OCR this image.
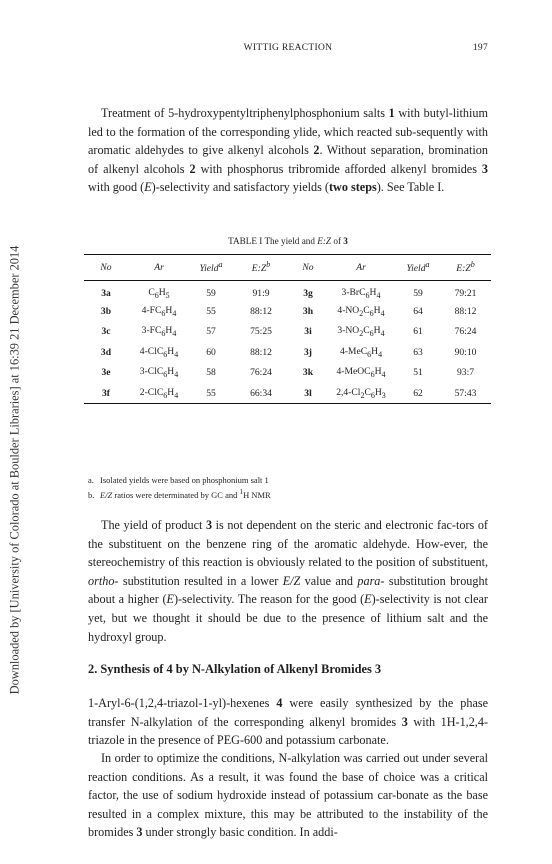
Downloaded by [University of Colorado at Boulder Libraries] at 16:39 21 December 2014
WITTIG REACTION	197

Treatment of 5-hydroxypentyltriphenylphosphonium salts 1 with butyl-lithium led to the formation of the corresponding ylide, which reacted sub-sequently with aromatic aldehydes to give alkenyl alcohols 2. Without separation, bromination of alkenyl alcohols 2 with phosphorus tribromide afforded alkenyl bromides 3 with good (E)-selectivity and satisfactory yields (two steps). See Table I.

TABLE I The yield and E:Z of 3
No	Ar	Yield$^a$	$E:Z^b$	No	Ar	Yield$^a$	$E:Z^b$
3a	$C_6H_5$	59	91:9	3g	$3-BrC_6H_4$	59	79:21
3b	$4-FC_6H_4$	55	88:12	3h	$4-NO_2C_6H_4$	64	88:12
3c	$3-FC_6H_4$	57	75:25	3i	$3-NO_2C_6H_4$	61	76:24
3d	$4-ClC_6H_4$	60	88:12	3j	$4-MeC_6H_4$	63	90:10
3e	$3-ClC_6H_4$	58	76:24	3k	$4-MeOC_6H_4$	51	93:7
3f	$2-ClC_6H_4$	55	66:34	3l	$2,4-Cl_2C_6H_3$	62	57:43
a. Isolated yields were based on phosphonium salt 1
b. E/Z ratios were determinated by GC and $^1$H NMR

The yield of product 3 is not dependent on the steric and electronic fac-tors of the substituent on the benzene ring of the aromatic aldehyde. How-ever, the stereochemistry of this reaction is obviously related to the position of substituent, ortho- substitution resulted in a lower E/Z value and para- substitution brought about a higher (E)-selectivity. The reason for the good (E)-selectivity is not clear yet, but we thought it should be due to the presence of lithium salt and the hydroxyl group.

2. Synthesis of 4 by N-Alkylation of Alkenyl Bromides 3

1-Aryl-6-(1,2,4-triazol-1-yl)-hexenes 4 were easily synthesized by the phase transfer N-alkylation of the corresponding alkenyl bromides 3 with 1H-1,2,4-triazole in the presence of PEG-600 and potassium carbonate.

In order to optimize the conditions, N-alkylation was carried out under several reaction conditions. As a result, it was found the base of choice was a critical factor, the use of sodium hydroxide instead of potassium car-bonate as the base resulted in a complex mixture, this may be attributed to the instability of the bromides 3 under strongly basic condition. In addi-
